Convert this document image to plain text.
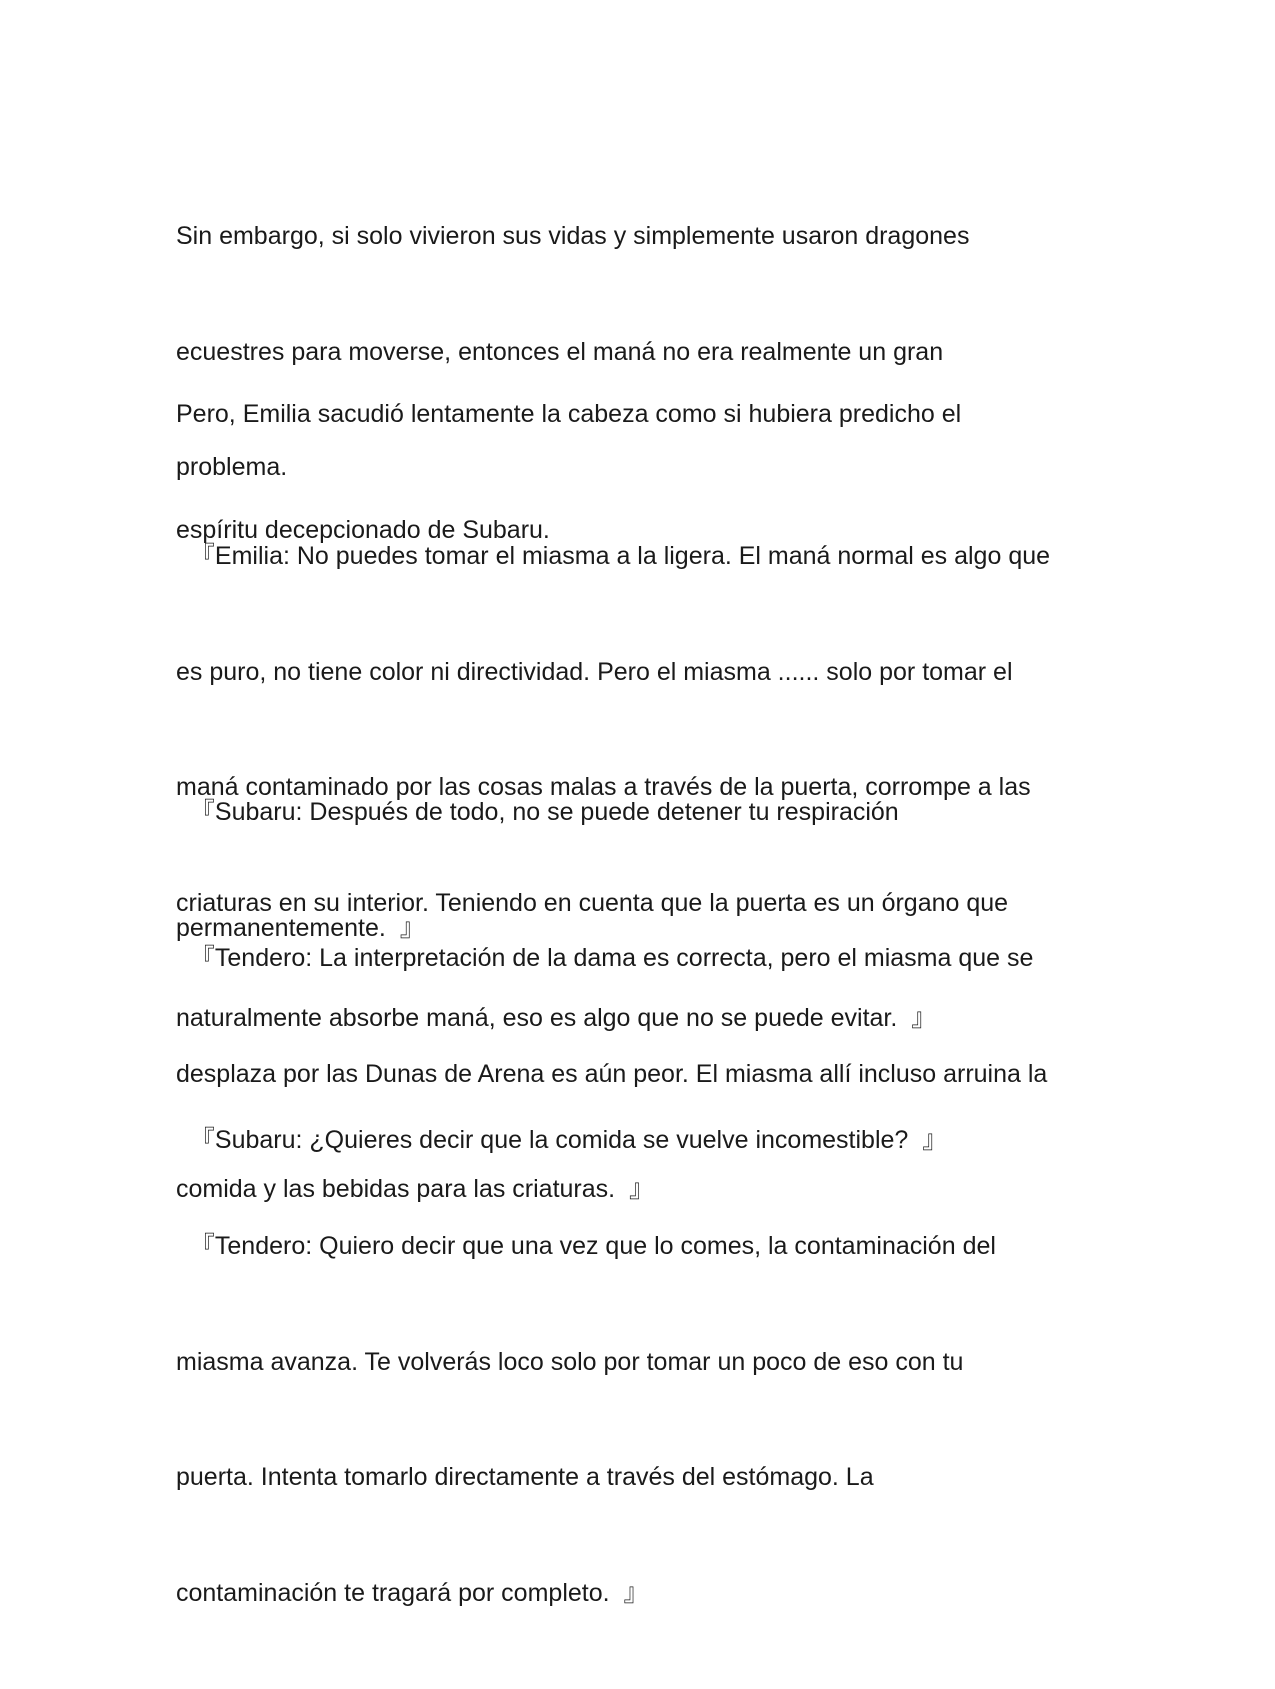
Sin embargo, si solo vivieron sus vidas y simplemente usaron dragones

ecuestres para moverse, entonces el maná no era realmente un gran

problema.

Pero, Emilia sacudió lentamente la cabeza como si hubiera predicho el

espíritu decepcionado de Subaru.

『Emilia: No puedes tomar el miasma a la ligera. El maná normal es algo que

es puro, no tiene color ni directividad. Pero el miasma ...... solo por tomar el

maná contaminado por las cosas malas a través de la puerta, corrompe a las

criaturas en su interior. Teniendo en cuenta que la puerta es un órgano que

naturalmente absorbe maná, eso es algo que no se puede evitar.  』

『Subaru: Después de todo, no se puede detener tu respiración

permanentemente.  』

『Tendero: La interpretación de la dama es correcta, pero el miasma que se

desplaza por las Dunas de Arena es aún peor. El miasma allí incluso arruina la

comida y las bebidas para las criaturas.  』

『Subaru: ¿Quieres decir que la comida se vuelve incomestible?  』

『Tendero: Quiero decir que una vez que lo comes, la contaminación del

miasma avanza. Te volverás loco solo por tomar un poco de eso con tu

puerta. Intenta tomarlo directamente a través del estómago. La

contaminación te tragará por completo.  』
